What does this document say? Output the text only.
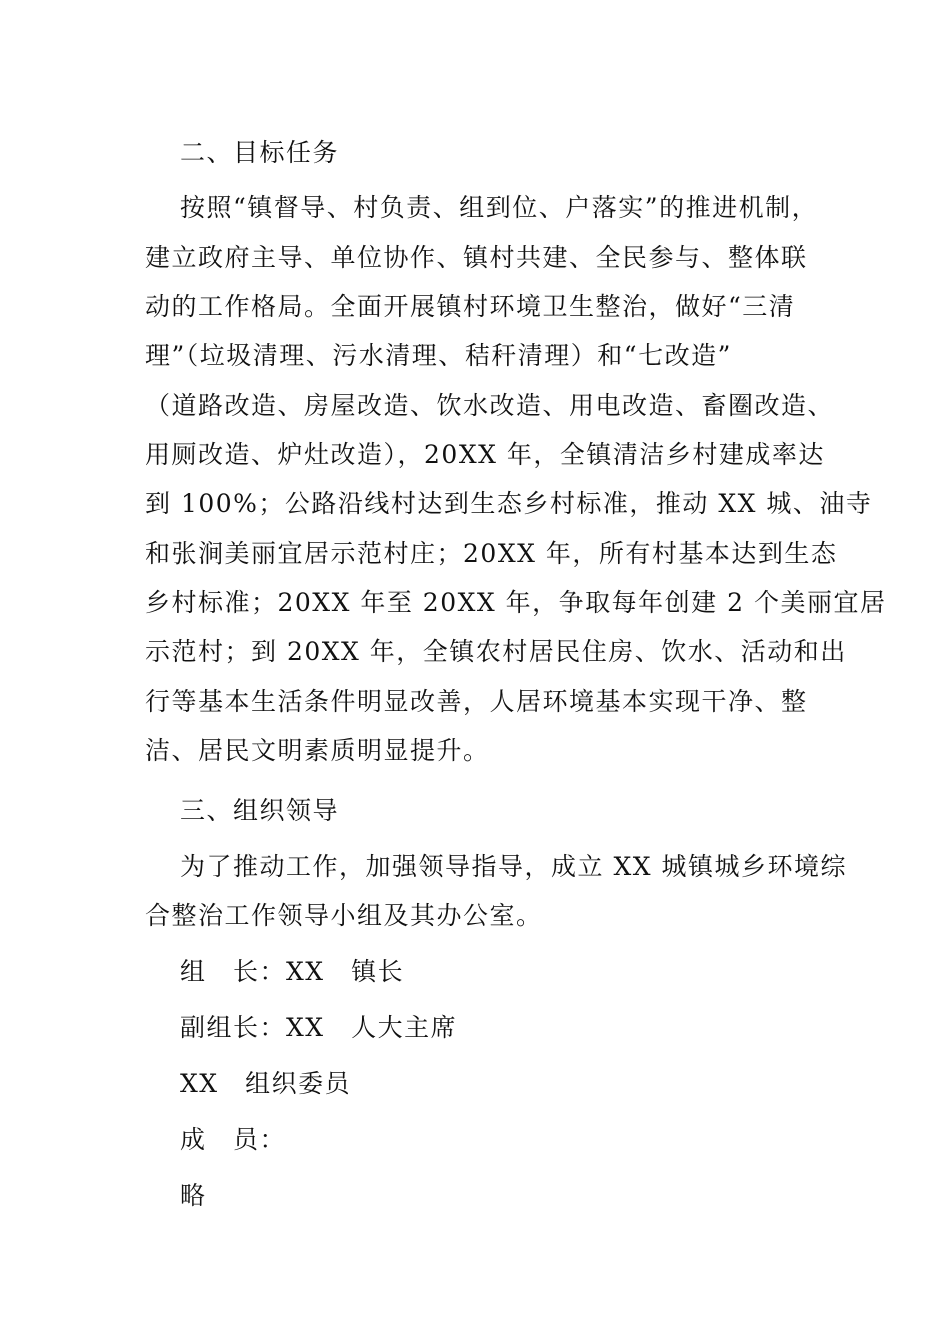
二、目标任务
按照“镇督导、村负责、组到位、户落实”的推进机制，
建立政府主导、单位协作、镇村共建、全民参与、整体联
动的工作格局。全面开展镇村环境卫生整治，做好“三清
理”（垃圾清理、污水清理、秸秆清理）和“七改造”
（道路改造、房屋改造、饮水改造、用电改造、畜圈改造、
用厕改造、炉灶改造），20XX 年，全镇清洁乡村建成率达
到 100%；公路沿线村达到生态乡村标准，推动 XX 城、油寺
和张涧美丽宜居示范村庄；20XX 年，所有村基本达到生态
乡村标准；20XX 年至 20XX 年，争取每年创建 2 个美丽宜居
示范村；到 20XX 年，全镇农村居民住房、饮水、活动和出
行等基本生活条件明显改善，人居环境基本实现干净、整
洁、居民文明素质明显提升。
三、组织领导
为了推动工作，加强领导指导，成立 XX 城镇城乡环境综
合整治工作领导小组及其办公室。
组　长：XX　镇长
副组长：XX　人大主席
XX　组织委员
成　员：
略
